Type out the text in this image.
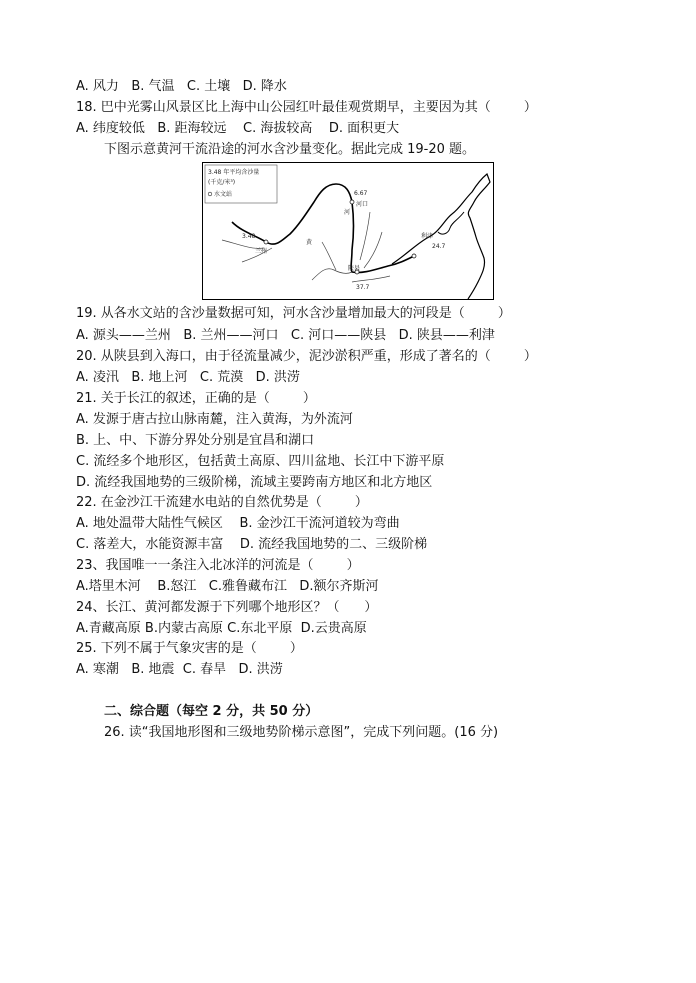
A. 风力   B. 气温   C. 土壤   D. 降水
18. 巴中光雾山风景区比上海中山公园红叶最佳观赏期早，主要因为其（        ）
A. 纬度较低   B. 距海较远    C. 海拔较高    D. 面积更大
下图示意黄河干流沿途的河水含沙量变化。据此完成 19-20 题。
3.48 年平均含沙量
(千克/米³)
水文站
3.48
兰州
6.67
河口
陕县
37.7
利津
24.7
黄
河
19. 从各水文站的含沙量数据可知，河水含沙量增加最大的河段是（        ）
A. 源头——兰州   B. 兰州——河口   C. 河口——陕县   D. 陕县——利津
20. 从陕县到入海口，由于径流量减少，泥沙淤积严重，形成了著名的（        ）
A. 凌汛   B. 地上河   C. 荒漠   D. 洪涝
21. 关于长江的叙述，正确的是（        ）
A. 发源于唐古拉山脉南麓，注入黄海，为外流河
B. 上、中、下游分界处分别是宜昌和湖口
C. 流经多个地形区，包括黄土高原、四川盆地、长江中下游平原
D. 流经我国地势的三级阶梯，流域主要跨南方地区和北方地区
22. 在金沙江干流建水电站的自然优势是（        ）
A. 地处温带大陆性气候区    B. 金沙江干流河道较为弯曲
C. 落差大，水能资源丰富    D. 流经我国地势的二、三级阶梯
23、我国唯一一条注入北冰洋的河流是（        ）
A.塔里木河    B.怒江   C.雅鲁藏布江   D.额尔齐斯河
24、长江、黄河都发源于下列哪个地形区？（      ）
A.青藏高原 B.内蒙古高原 C.东北平原  D.云贵高原
25. 下列不属于气象灾害的是（        ）
A. 寒潮   B. 地震  C. 春旱   D. 洪涝
二、综合题（每空 2 分，共 50 分）
26. 读“我国地形图和三级地势阶梯示意图”，完成下列问题。(16 分)
